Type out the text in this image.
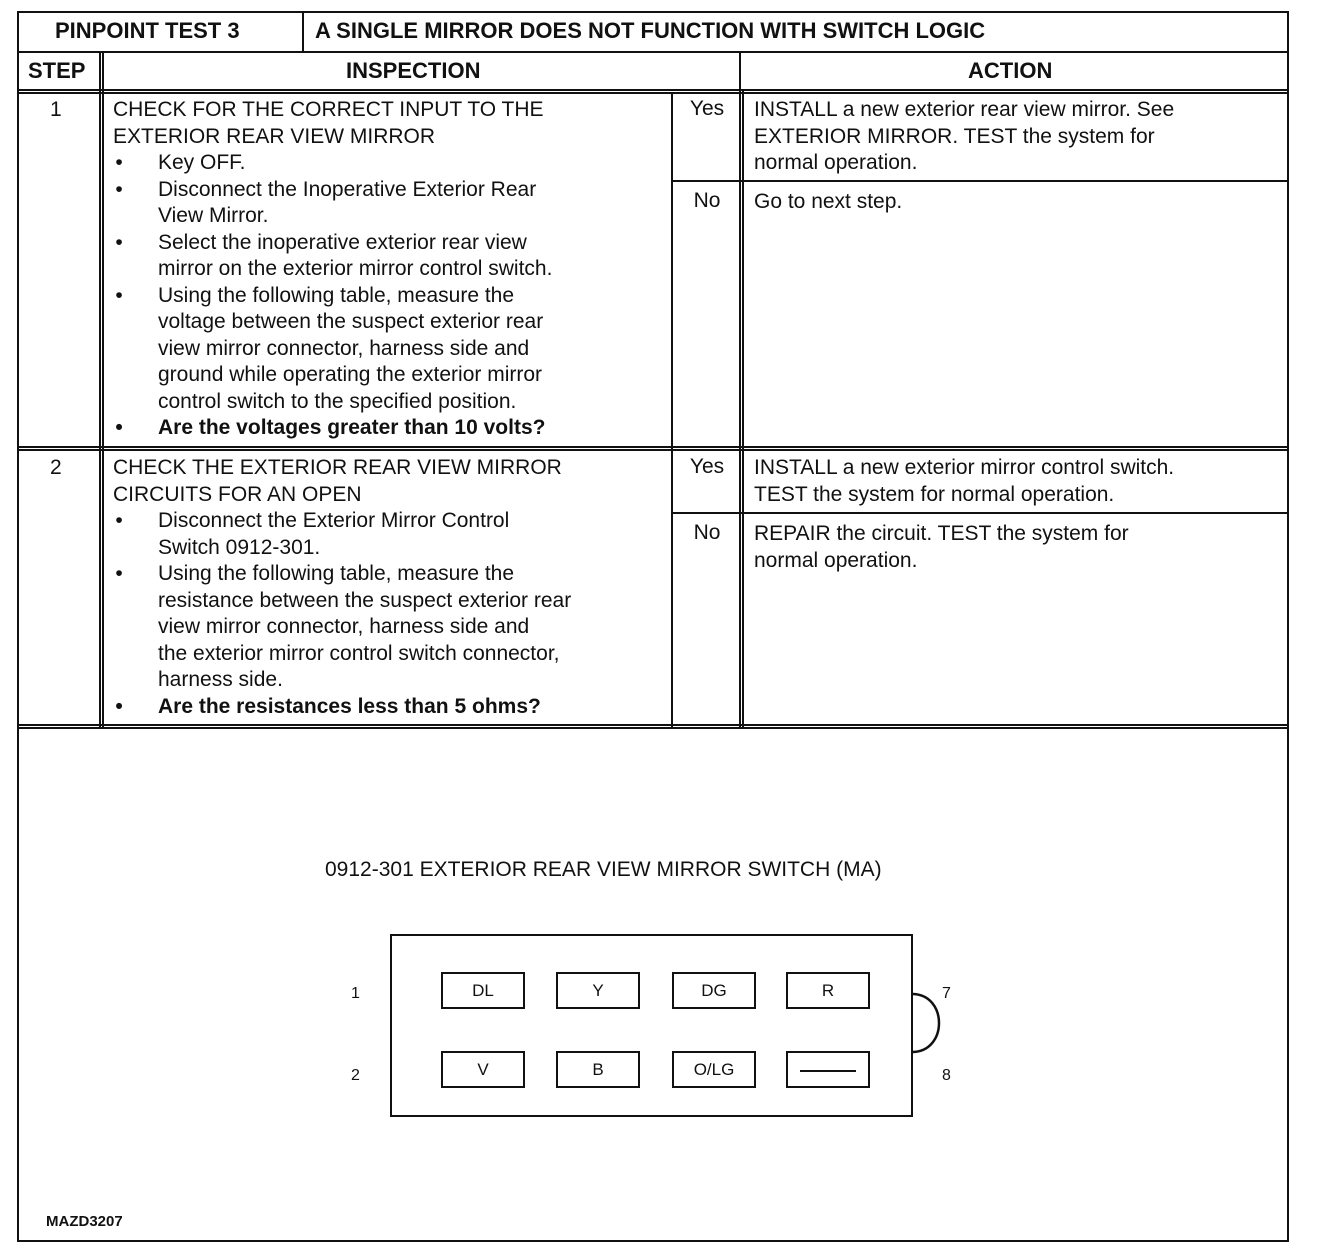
PINPOINT TEST 3	A SINGLE MIRROR DOES NOT FUNCTION WITH SWITCH LOGIC
STEP	INSPECTION	ACTION
1 CHECK FOR THE CORRECT INPUT TO THE
EXTERIOR REAR VIEW MIRROR
• Key OFF.
• Disconnect the Inoperative Exterior Rear
View Mirror.
• Select the inoperative exterior rear view
mirror on the exterior mirror control switch.
• Using the following table, measure the
voltage between the suspect exterior rear
view mirror connector, harness side and
ground while operating the exterior mirror
control switch to the specified position.
• Are the voltages greater than 10 volts?
Yes	INSTALL a new exterior rear view mirror. See
EXTERIOR MIRROR. TEST the system for
normal operation.
No	Go to next step.
2 CHECK THE EXTERIOR REAR VIEW MIRROR
CIRCUITS FOR AN OPEN
• Disconnect the Exterior Mirror Control
Switch 0912-301.
• Using the following table, measure the
resistance between the suspect exterior rear
view mirror connector, harness side and
the exterior mirror control switch connector,
harness side.
• Are the resistances less than 5 ohms?
Yes	INSTALL a new exterior mirror control switch.
TEST the system for normal operation.
No	REPAIR the circuit. TEST the system for
normal operation.
0912-301 EXTERIOR REAR VIEW MIRROR SWITCH (MA)
1
2
DL	Y	DG	R
V	B	O/LG
7
8
MAZD3207
